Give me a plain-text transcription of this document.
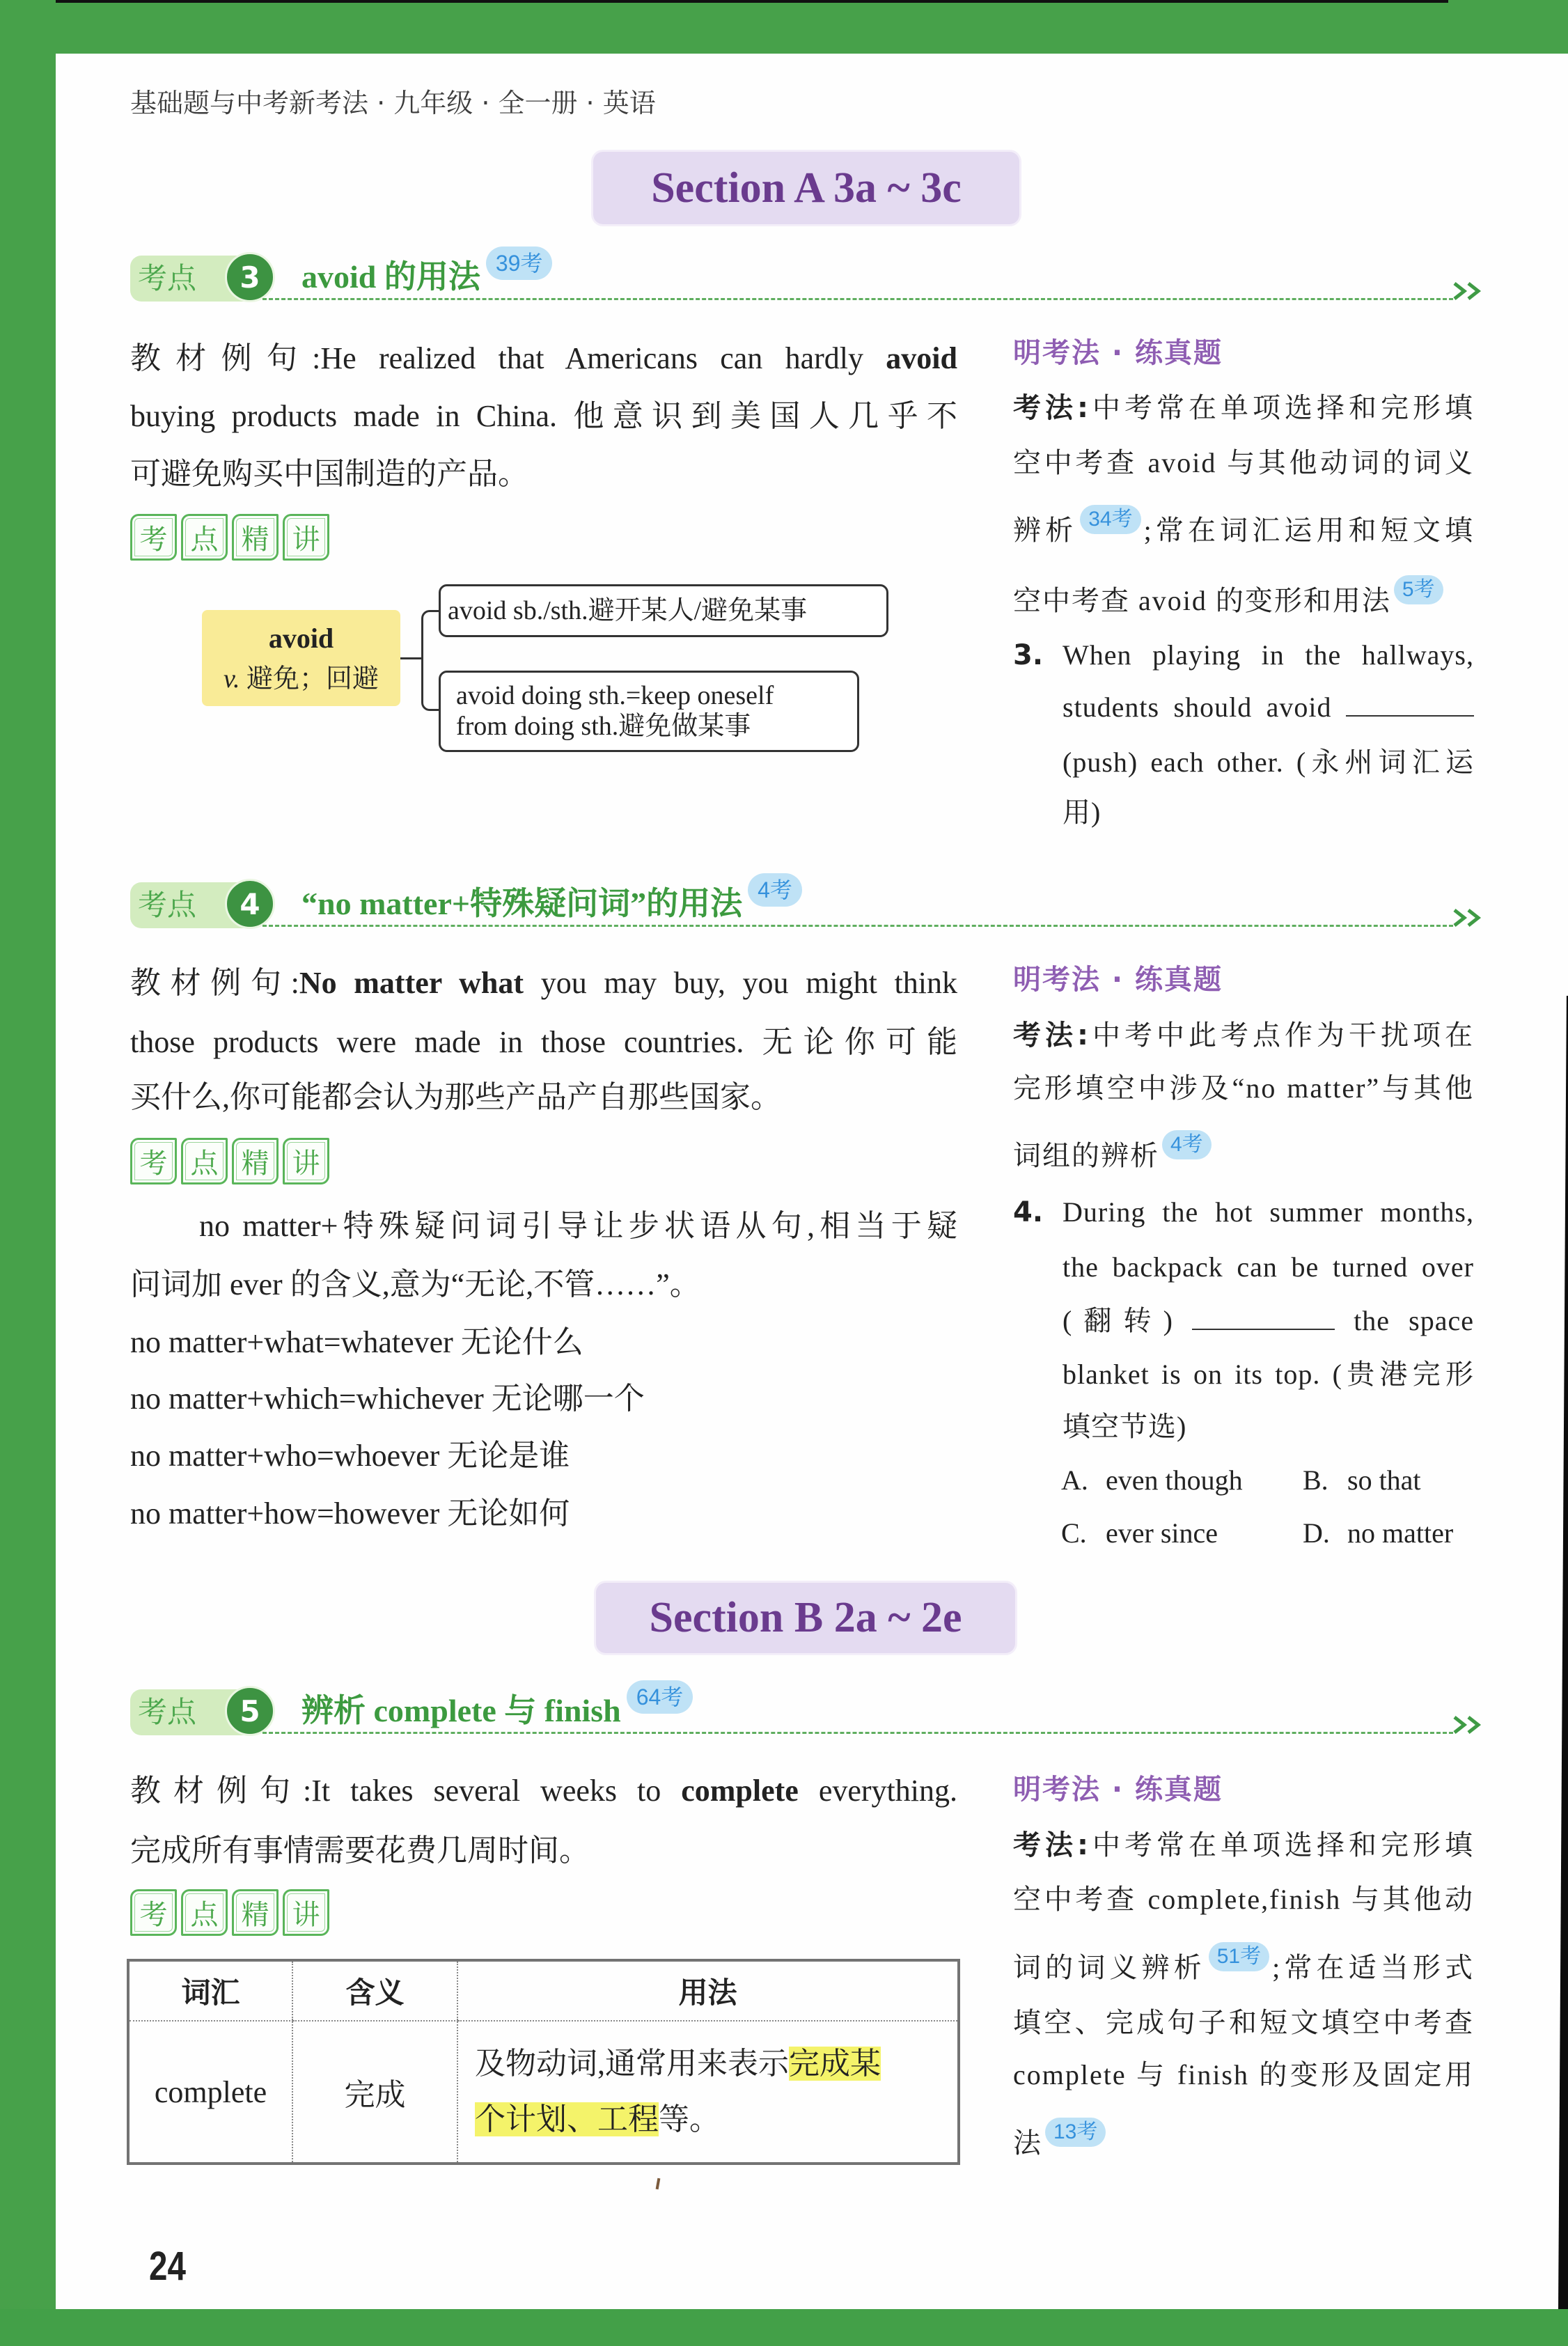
基础题与中考新考法 · 九年级 · 全一册 · 英语
Section A 3a ~ 3c
考点	3	avoid 的用法 39考
教材例句:He realized that Americans can hardly avoid
buying products made in China. 他意识到美国人几乎不
可避免购买中国制造的产品。
考 点 精 讲
avoid
v. 避免；回避
avoid sb./sth.避开某人/避免某事
avoid doing sth.=keep oneself
from doing sth.避免做某事
明考法 · 练真题
考法:中考常在单项选择和完形填
空中考查 avoid 与其他动词的词义
辨析 34考 ;常在词汇运用和短文填
空中考查 avoid 的变形和用法 5考
3. When playing in the hallways,
students should avoid
(push) each other. (永州词汇运
用)
考点	4	“no matter+特殊疑问词”的用法 4考
教材例句:No matter what you may buy, you might think
those products were made in those countries. 无论你可能
买什么,你可能都会认为那些产品产自那些国家。
考 点 精 讲
no matter+特殊疑问词引导让步状语从句,相当于疑
问词加 ever 的含义,意为“无论,不管……”。
no matter+what=whatever 无论什么
no matter+which=whichever 无论哪一个
no matter+who=whoever 无论是谁
no matter+how=however 无论如何
明考法 · 练真题
考法:中考中此考点作为干扰项在
完形填空中涉及“no matter”与其他
词组的辨析 4考
4. During the hot summer months,
the backpack can be turned over
(翻转)	the space
blanket is on its top. (贵港完形
填空节选)
A. even though B. so that
C. ever since	D. no matter
Section B 2a ~ 2e
考点	5	辨析 complete 与 finish 64考
教材例句:It takes several weeks to complete everything.
完成所有事情需要花费几周时间。
考 点 精 讲
词汇	含义	用法
complete	完成	及物动词,通常用来表示完成某
个计划、工程等。
明考法 · 练真题
考法:中考常在单项选择和完形填
空中考查 complete,finish 与其他动
词的词义辨析 51考 ;常在适当形式
填空、完成句子和短文填空中考查
complete 与 finish 的变形及固定用
法 13考
24
